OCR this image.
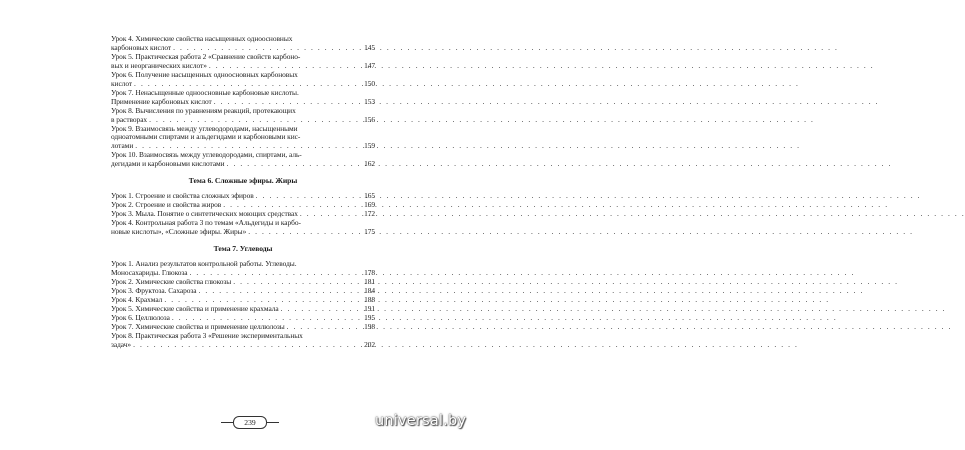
Урок 4. Химические свойства насыщенных одноосновных
карбоновых кислот . . .	145
Урок 5. Практическая работа 2 «Сравнение свойств карбоно-
вых и неорганических кислот» . . .	147
Урок 6. Получение насыщенных одноосновных карбоновых
кислот . . .	150
Урок 7. Ненасыщенные одноосновные карбоновые кислоты.
Применение карбоновых кислот . . .	153
Урок 8. Вычисления по уравнениям реакций, протекающих
в растворах . . .	156
Урок 9. Взаимосвязь между углеводородами, насыщенными
одноатомными спиртами и альдегидами и карбоновыми кис-
лотами . . .	159
Урок 10. Взаимосвязь между углеводородами, спиртами, аль-
дегидами и карбоновыми кислотами . . .	162
Тема 6. Сложные эфиры. Жиры
Урок 1. Строение и свойства сложных эфиров . . .	165
Урок 2. Строение и свойства жиров . . .	169
Урок 3. Мыла. Понятие о синтетических моющих средствах . . .	172
Урок 4. Контрольная работа 3 по темам «Альдегиды и карбо-
новые кислоты», «Сложные эфиры. Жиры» . . .	175
Тема 7. Углеводы
Урок 1. Анализ результатов контрольной работы. Углеводы.
Моносахариды. Глюкоза . . .	178
Урок 2. Химические свойства глюкозы . . .	181
Урок 3. Фруктоза. Сахароза . . .	184
Урок 4. Крахмал . . .	188
Урок 5. Химические свойства и применение крахмала . . .	191
Урок 6. Целлюлоза . . .	195
Урок 7. Химические свойства и применение целлюлозы . . .	198
Урок 8. Практическая работа 3 «Решение экспериментальных
задач» . . .	202
239	universal.by
